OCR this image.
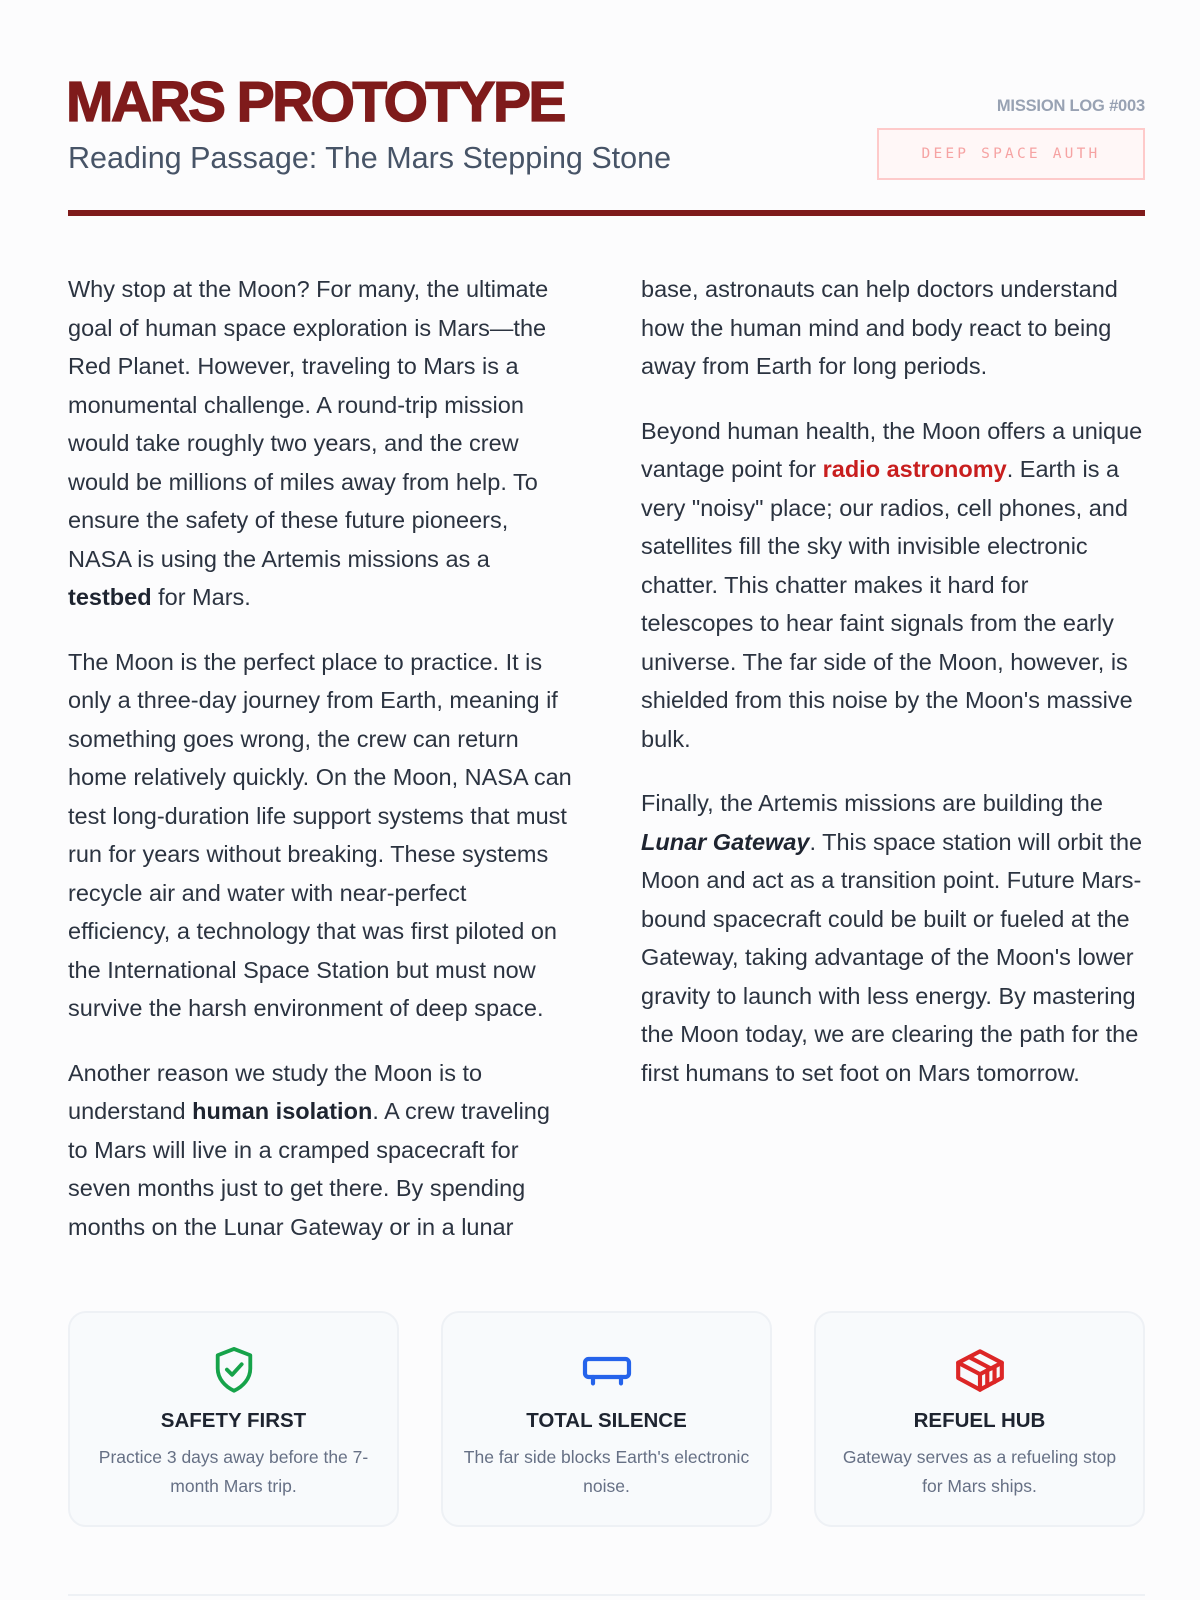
MARS PROTOTYPE
Reading Passage: The Mars Stepping Stone
MISSION LOG #003
DEEP SPACE AUTH

Why stop at the Moon? For many, the ultimate goal of human space exploration is Mars—the Red Planet. However, traveling to Mars is a monumental challenge. A round-trip mission would take roughly two years, and the crew would be millions of miles away from help. To ensure the safety of these future pioneers, NASA is using the Artemis missions as a testbed for Mars.

The Moon is the perfect place to practice. It is only a three-day journey from Earth, meaning if something goes wrong, the crew can return home relatively quickly. On the Moon, NASA can test long-duration life support systems that must run for years without breaking. These systems recycle air and water with near-perfect efficiency, a technology that was first piloted on the International Space Station but must now survive the harsh environment of deep space.

Another reason we study the Moon is to understand human isolation. A crew traveling to Mars will live in a cramped spacecraft for seven months just to get there. By spending months on the Lunar Gateway or in a lunar base, astronauts can help doctors understand how the human mind and body react to being away from Earth for long periods.

Beyond human health, the Moon offers a unique vantage point for radio astronomy. Earth is a very "noisy" place; our radios, cell phones, and satellites fill the sky with invisible electronic chatter. This chatter makes it hard for telescopes to hear faint signals from the early universe. The far side of the Moon, however, is shielded from this noise by the Moon's massive bulk.

Finally, the Artemis missions are building the Lunar Gateway. This space station will orbit the Moon and act as a transition point. Future Mars-bound spacecraft could be built or fueled at the Gateway, taking advantage of the Moon's lower gravity to launch with less energy. By mastering the Moon today, we are clearing the path for the first humans to set foot on Mars tomorrow.

SAFETY FIRST
Practice 3 days away before the 7-month Mars trip.
TOTAL SILENCE
The far side blocks Earth's electronic noise.
REFUEL HUB
Gateway serves as a refueling stop for Mars ships.
